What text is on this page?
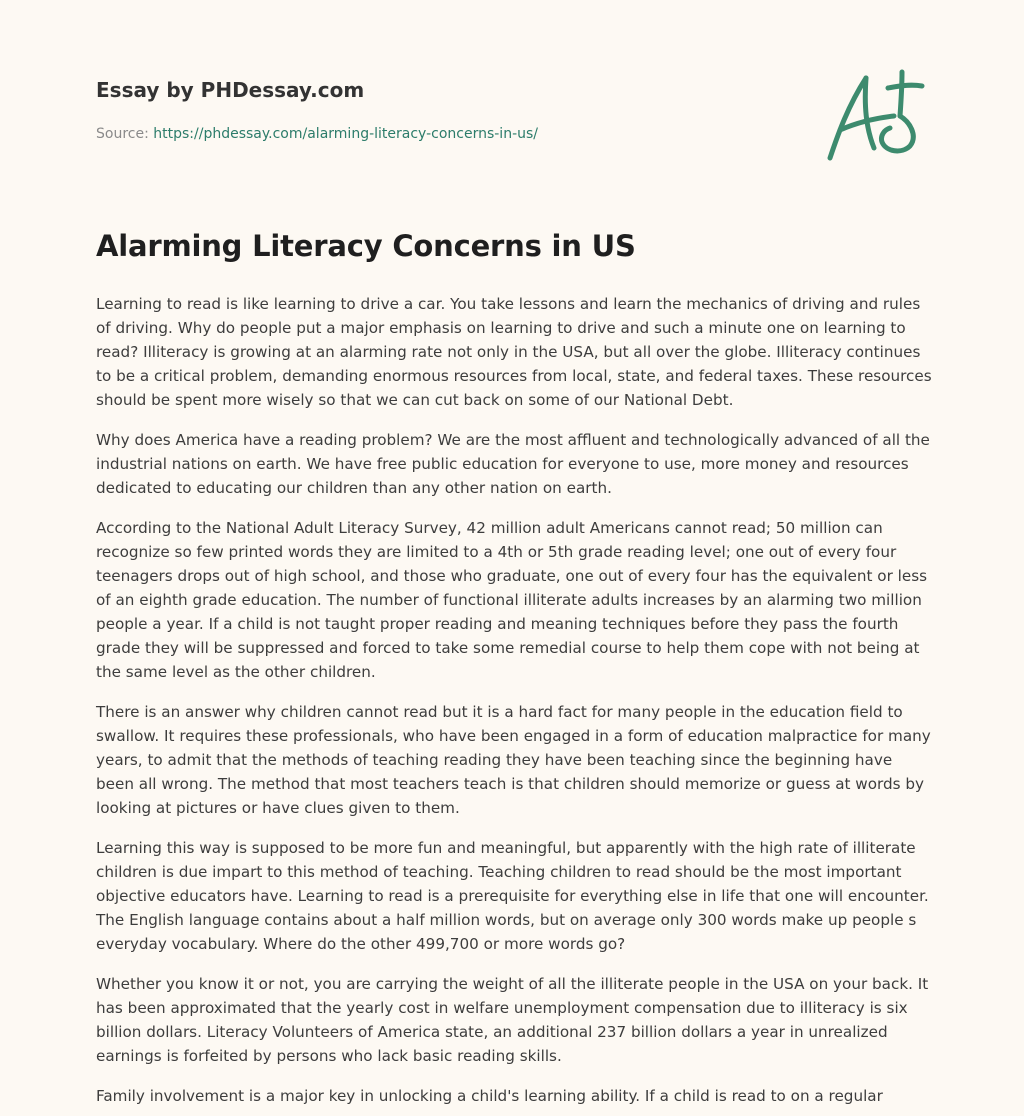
Essay by PHDessay.com

Source: https://phdessay.com/alarming-literacy-concerns-in-us/
Alarming Literacy Concerns in US

Learning to read is like learning to drive a car. You take lessons and learn the mechanics of driving and rules of driving. Why do people put a major emphasis on learning to drive and such a minute one on learning to read? Illiteracy is growing at an alarming rate not only in the USA, but all over the globe. Illiteracy continues to be a critical problem, demanding enormous resources from local, state, and federal taxes. These resources should be spent more wisely so that we can cut back on some of our National Debt.

Why does America have a reading problem? We are the most affluent and technologically advanced of all the industrial nations on earth. We have free public education for everyone to use, more money and resources dedicated to educating our children than any other nation on earth.

According to the National Adult Literacy Survey, 42 million adult Americans cannot read; 50 million can recognize so few printed words they are limited to a 4th or 5th grade reading level; one out of every four teenagers drops out of high school, and those who graduate, one out of every four has the equivalent or less of an eighth grade education. The number of functional illiterate adults increases by an alarming two million people a year. If a child is not taught proper reading and meaning techniques before they pass the fourth grade they will be suppressed and forced to take some remedial course to help them cope with not being at the same level as the other children.

There is an answer why children cannot read but it is a hard fact for many people in the education field to swallow. It requires these professionals, who have been engaged in a form of education malpractice for many years, to admit that the methods of teaching reading they have been teaching since the beginning have been all wrong. The method that most teachers teach is that children should memorize or guess at words by looking at pictures or have clues given to them.

Learning this way is supposed to be more fun and meaningful, but apparently with the high rate of illiterate children is due impart to this method of teaching. Teaching children to read should be the most important objective educators have. Learning to read is a prerequisite for everything else in life that one will encounter. The English language contains about a half million words, but on average only 300 words make up people s everyday vocabulary. Where do the other 499,700 or more words go?

Whether you know it or not, you are carrying the weight of all the illiterate people in the USA on your back. It has been approximated that the yearly cost in welfare unemployment compensation due to illiteracy is six billion dollars. Literacy Volunteers of America state, an additional 237 billion dollars a year in unrealized earnings is forfeited by persons who lack basic reading skills.

Family involvement is a major key in unlocking a child's learning ability. If a child is read to on a regular
